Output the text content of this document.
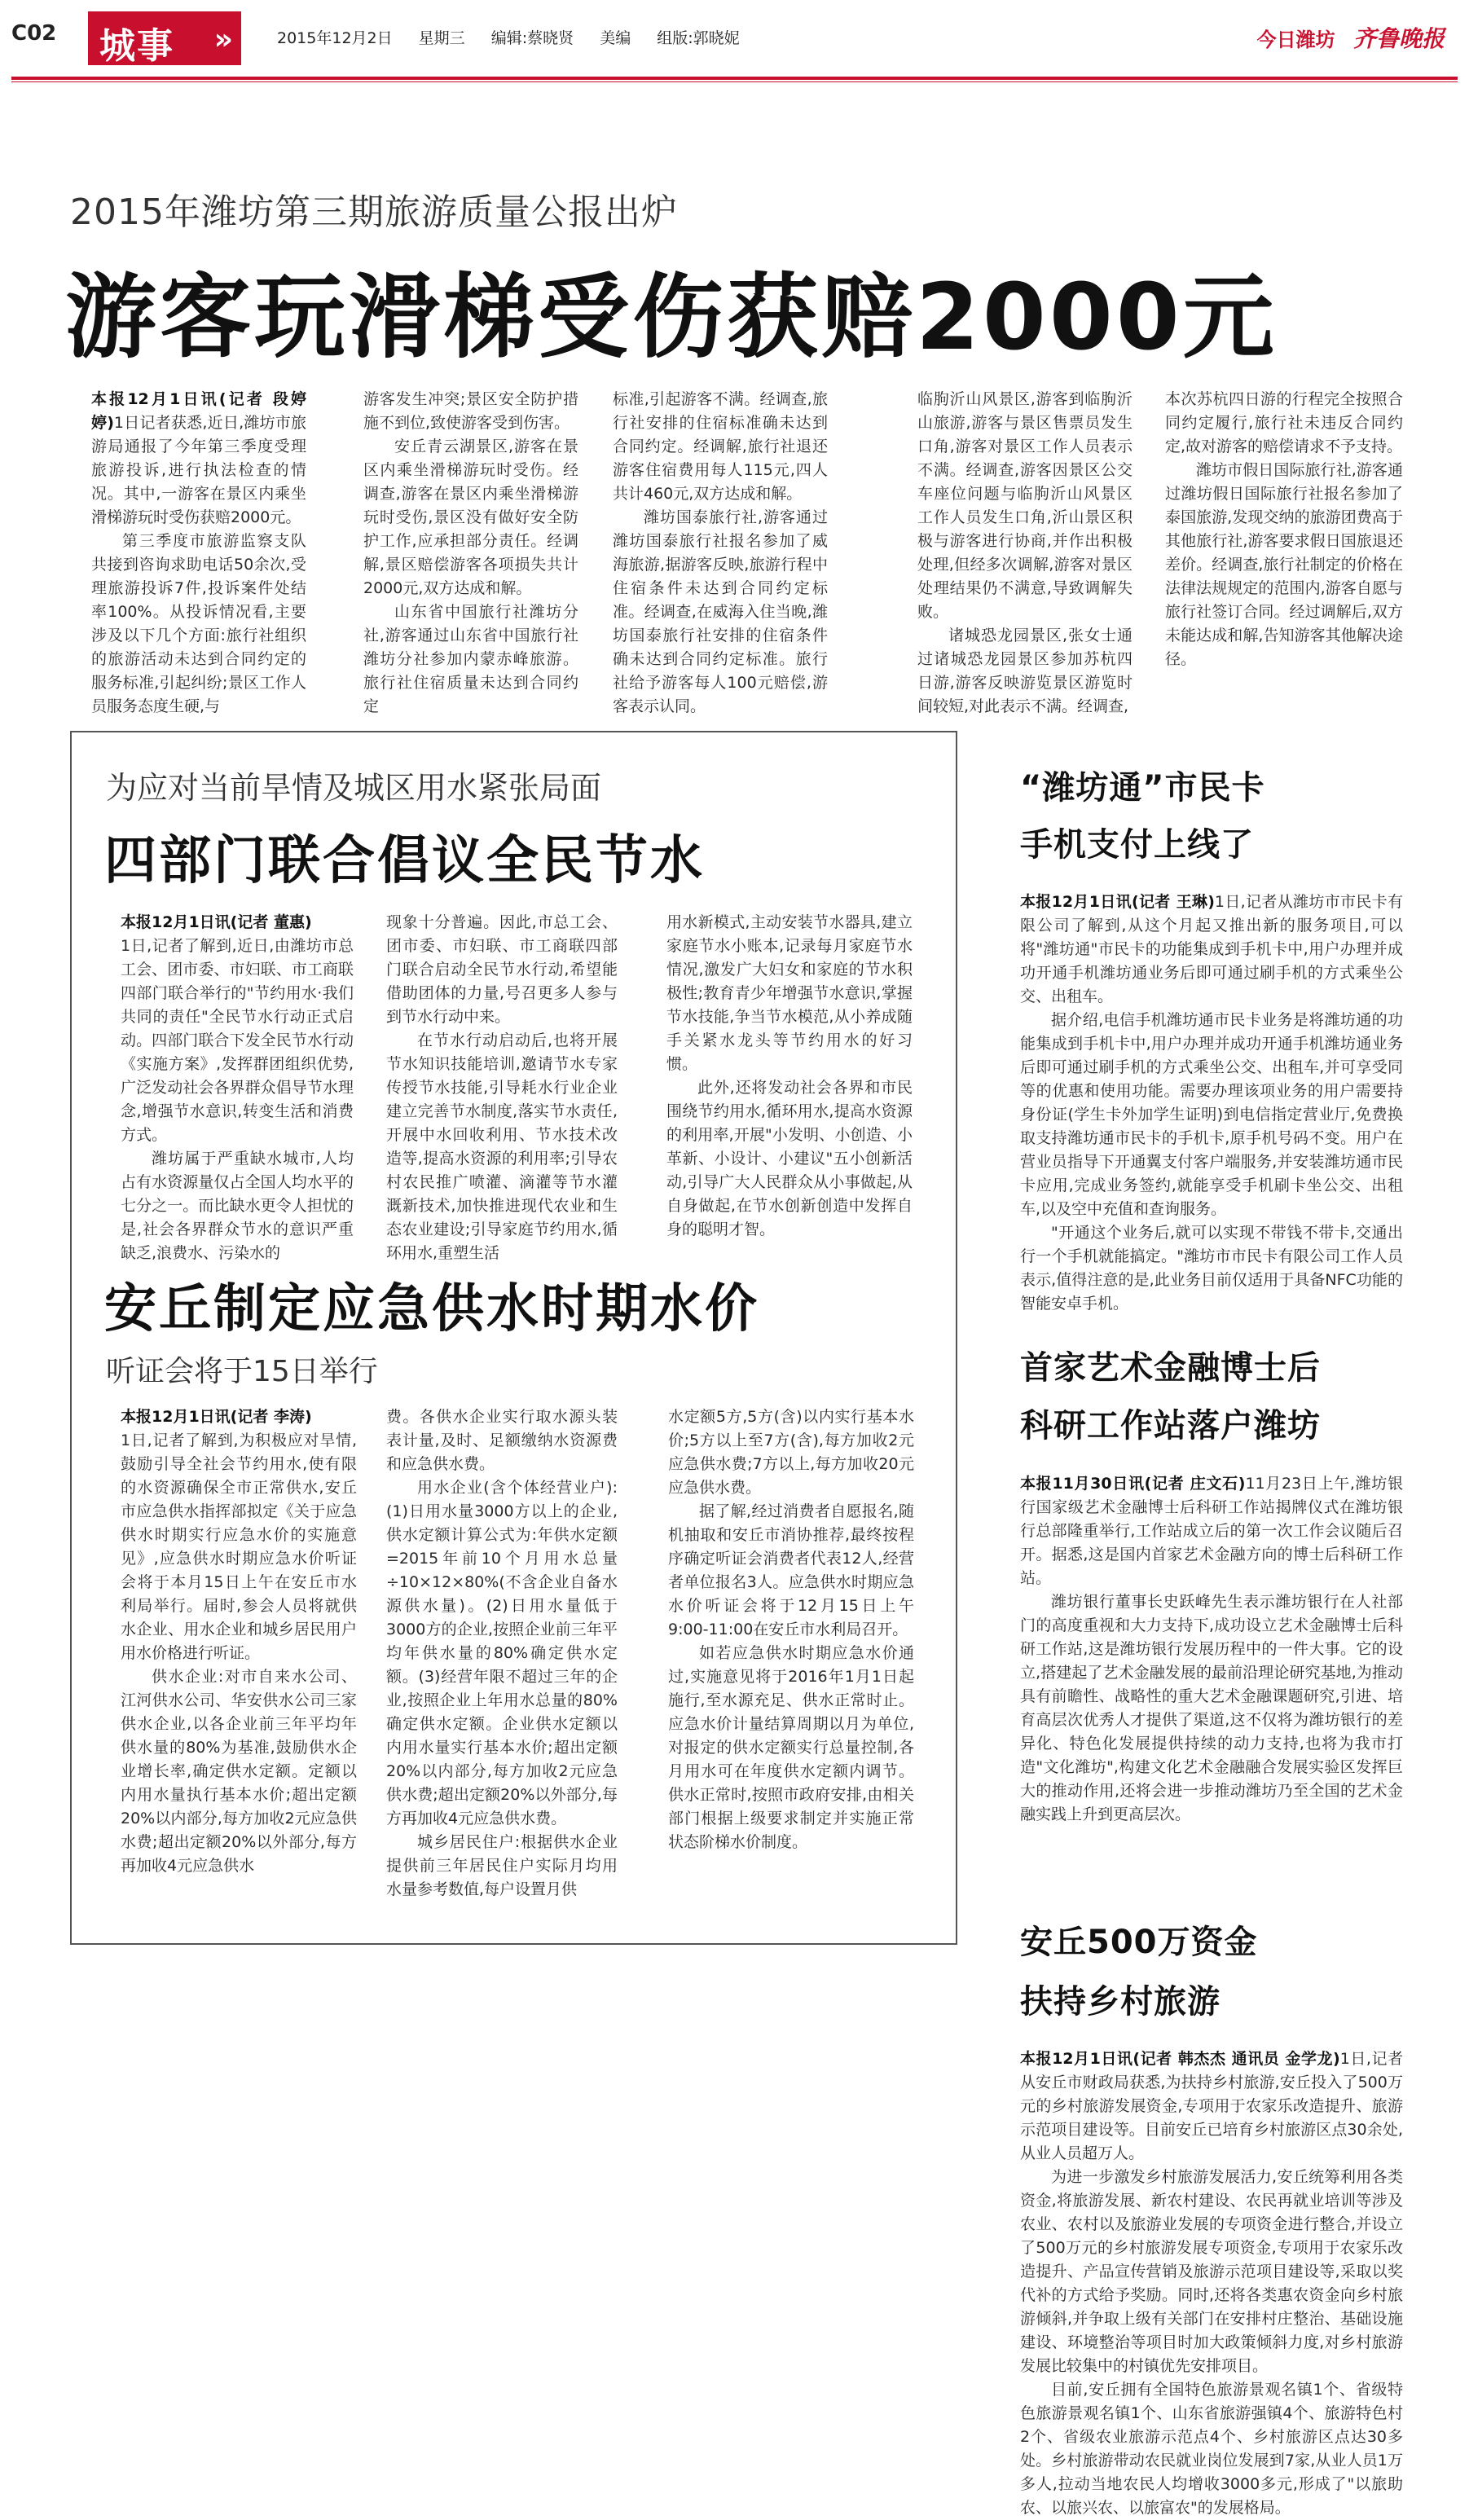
C02 城事 »	2015年12月2日 星期三 编辑:蔡晓贤 美编 组版:郭晓妮	今日潍坊 齐鲁晚报
2015年潍坊第三期旅游质量公报出炉
游客玩滑梯受伤获赔2000元

本报12月1日讯(记者 段婷婷)1日记者获悉,近日,潍坊市旅游局通报了今年第三季度受理旅游投诉,进行执法检查的情况。其中,一游客在景区内乘坐滑梯游玩时受伤获赔2000元。

第三季度市旅游监察支队共接到咨询求助电话50余次,受理旅游投诉7件,投诉案件处结率100%。从投诉情况看,主要涉及以下几个方面:旅行社组织的旅游活动未达到合同约定的服务标准,引起纠纷;景区工作人员服务态度生硬,与

游客发生冲突;景区安全防护措施不到位,致使游客受到伤害。

安丘青云湖景区,游客在景区内乘坐滑梯游玩时受伤。经调查,游客在景区内乘坐滑梯游玩时受伤,景区没有做好安全防护工作,应承担部分责任。经调解,景区赔偿游客各项损失共计2000元,双方达成和解。

山东省中国旅行社潍坊分社,游客通过山东省中国旅行社潍坊分社参加内蒙赤峰旅游。旅行社住宿质量未达到合同约定

标准,引起游客不满。经调查,旅行社安排的住宿标准确未达到合同约定。经调解,旅行社退还游客住宿费用每人115元,四人共计460元,双方达成和解。

潍坊国泰旅行社,游客通过潍坊国泰旅行社报名参加了威海旅游,据游客反映,旅游行程中住宿条件未达到合同约定标准。经调查,在威海入住当晚,潍坊国泰旅行社安排的住宿条件确未达到合同约定标准。旅行社给予游客每人100元赔偿,游客表示认同。

临朐沂山风景区,游客到临朐沂山旅游,游客与景区售票员发生口角,游客对景区工作人员表示不满。经调查,游客因景区公交车座位问题与临朐沂山风景区工作人员发生口角,沂山景区积极与游客进行协商,并作出积极处理,但经多次调解,游客对景区处理结果仍不满意,导致调解失败。

诸城恐龙园景区,张女士通过诸城恐龙园景区参加苏杭四日游,游客反映游览景区游览时间较短,对此表示不满。经调查,

本次苏杭四日游的行程完全按照合同约定履行,旅行社未违反合同约定,故对游客的赔偿请求不予支持。

潍坊市假日国际旅行社,游客通过潍坊假日国际旅行社报名参加了泰国旅游,发现交纳的旅游团费高于其他旅行社,游客要求假日国旅退还差价。经调查,旅行社制定的价格在法律法规规定的范围内,游客自愿与旅行社签订合同。经过调解后,双方未能达成和解,告知游客其他解决途径。

为应对当前旱情及城区用水紧张局面
四部门联合倡议全民节水

本报12月1日讯(记者 董惠)

1日,记者了解到,近日,由潍坊市总工会、团市委、市妇联、市工商联四部门联合举行的"节约用水·我们共同的责任"全民节水行动正式启动。四部门联合下发全民节水行动《实施方案》,发挥群团组织优势,广泛发动社会各界群众倡导节水理念,增强节水意识,转变生活和消费方式。

潍坊属于严重缺水城市,人均占有水资源量仅占全国人均水平的七分之一。而比缺水更令人担忧的是,社会各界群众节水的意识严重缺乏,浪费水、污染水的

现象十分普遍。因此,市总工会、团市委、市妇联、市工商联四部门联合启动全民节水行动,希望能借助团体的力量,号召更多人参与到节水行动中来。

在节水行动启动后,也将开展节水知识技能培训,邀请节水专家传授节水技能,引导耗水行业企业建立完善节水制度,落实节水责任,开展中水回收利用、节水技术改造等,提高水资源的利用率;引导农村农民推广喷灌、滴灌等节水灌溉新技术,加快推进现代农业和生态农业建设;引导家庭节约用水,循环用水,重塑生活

用水新模式,主动安装节水器具,建立家庭节水小账本,记录每月家庭节水情况,激发广大妇女和家庭的节水积极性;教育青少年增强节水意识,掌握节水技能,争当节水模范,从小养成随手关紧水龙头等节约用水的好习惯。

此外,还将发动社会各界和市民围绕节约用水,循环用水,提高水资源的利用率,开展"小发明、小创造、小革新、小设计、小建议"五小创新活动,引导广大人民群众从小事做起,从自身做起,在节水创新创造中发挥自身的聪明才智。

安丘制定应急供水时期水价
听证会将于15日举行

本报12月1日讯(记者 李涛)

1日,记者了解到,为积极应对旱情,鼓励引导全社会节约用水,使有限的水资源确保全市正常供水,安丘市应急供水指挥部拟定《关于应急供水时期实行应急水价的实施意见》,应急供水时期应急水价听证会将于本月15日上午在安丘市水利局举行。届时,参会人员将就供水企业、用水企业和城乡居民用户用水价格进行听证。

供水企业:对市自来水公司、江河供水公司、华安供水公司三家供水企业,以各企业前三年平均年供水量的80%为基准,鼓励供水企业增长率,确定供水定额。定额以内用水量执行基本水价;超出定额20%以内部分,每方加收2元应急供水费;超出定额20%以外部分,每方再加收4元应急供水

费。各供水企业实行取水源头装表计量,及时、足额缴纳水资源费和应急供水费。

用水企业(含个体经营业户):(1)日用水量3000方以上的企业,供水定额计算公式为:年供水定额=2015年前10个月用水总量÷10×12×80%(不含企业自备水源供水量)。(2)日用水量低于3000方的企业,按照企业前三年平均年供水量的80%确定供水定额。(3)经营年限不超过三年的企业,按照企业上年用水总量的80%确定供水定额。企业供水定额以内用水量实行基本水价;超出定额20%以内部分,每方加收2元应急供水费;超出定额20%以外部分,每方再加收4元应急供水费。

城乡居民住户:根据供水企业提供前三年居民住户实际月均用水量参考数值,每户设置月供

水定额5方,5方(含)以内实行基本水价;5方以上至7方(含),每方加收2元应急供水费;7方以上,每方加收20元应急供水费。

据了解,经过消费者自愿报名,随机抽取和安丘市消协推荐,最终按程序确定听证会消费者代表12人,经营者单位报名3人。应急供水时期应急水价听证会将于12月15日上午9:00-11:00在安丘市水利局召开。

如若应急供水时期应急水价通过,实施意见将于2016年1月1日起施行,至水源充足、供水正常时止。应急水价计量结算周期以月为单位,对报定的供水定额实行总量控制,各月用水可在年度供水定额内调节。供水正常时,按照市政府安排,由相关部门根据上级要求制定并实施正常状态阶梯水价制度。

“潍坊通”市民卡
手机支付上线了

本报12月1日讯(记者 王琳)1日,记者从潍坊市市民卡有限公司了解到,从这个月起又推出新的服务项目,可以将"潍坊通"市民卡的功能集成到手机卡中,用户办理并成功开通手机潍坊通业务后即可通过刷手机的方式乘坐公交、出租车。

据介绍,电信手机潍坊通市民卡业务是将潍坊通的功能集成到手机卡中,用户办理并成功开通手机潍坊通业务后即可通过刷手机的方式乘坐公交、出租车,并可享受同等的优惠和使用功能。需要办理该项业务的用户需要持身份证(学生卡外加学生证明)到电信指定营业厅,免费换取支持潍坊通市民卡的手机卡,原手机号码不变。用户在营业员指导下开通翼支付客户端服务,并安装潍坊通市民卡应用,完成业务签约,就能享受手机刷卡坐公交、出租车,以及空中充值和查询服务。

"开通这个业务后,就可以实现不带钱不带卡,交通出行一个手机就能搞定。"潍坊市市民卡有限公司工作人员表示,值得注意的是,此业务目前仅适用于具备NFC功能的智能安卓手机。

首家艺术金融博士后
科研工作站落户潍坊

本报11月30日讯(记者 庄文石)11月23日上午,潍坊银行国家级艺术金融博士后科研工作站揭牌仪式在潍坊银行总部隆重举行,工作站成立后的第一次工作会议随后召开。据悉,这是国内首家艺术金融方向的博士后科研工作站。

潍坊银行董事长史跃峰先生表示潍坊银行在人社部门的高度重视和大力支持下,成功设立艺术金融博士后科研工作站,这是潍坊银行发展历程中的一件大事。它的设立,搭建起了艺术金融发展的最前沿理论研究基地,为推动具有前瞻性、战略性的重大艺术金融课题研究,引进、培育高层次优秀人才提供了渠道,这不仅将为潍坊银行的差异化、特色化发展提供持续的动力支持,也将为我市打造"文化潍坊",构建文化艺术金融融合发展实验区发挥巨大的推动作用,还将会进一步推动潍坊乃至全国的艺术金融实践上升到更高层次。

安丘500万资金
扶持乡村旅游

本报12月1日讯(记者 韩杰杰 通讯员 金学龙)1日,记者从安丘市财政局获悉,为扶持乡村旅游,安丘投入了500万元的乡村旅游发展资金,专项用于农家乐改造提升、旅游示范项目建设等。目前安丘已培育乡村旅游区点30余处,从业人员超万人。

为进一步激发乡村旅游发展活力,安丘统筹利用各类资金,将旅游发展、新农村建设、农民再就业培训等涉及农业、农村以及旅游业发展的专项资金进行整合,并设立了500万元的乡村旅游发展专项资金,专项用于农家乐改造提升、产品宣传营销及旅游示范项目建设等,采取以奖代补的方式给予奖励。同时,还将各类惠农资金向乡村旅游倾斜,并争取上级有关部门在安排村庄整治、基础设施建设、环境整治等项目时加大政策倾斜力度,对乡村旅游发展比较集中的村镇优先安排项目。

目前,安丘拥有全国特色旅游景观名镇1个、省级特色旅游景观名镇1个、山东省旅游强镇4个、旅游特色村2个、省级农业旅游示范点4个、乡村旅游区点达30多处。乡村旅游带动农民就业岗位发展到7家,从业人员1万多人,拉动当地农民人均增收3000多元,形成了"以旅助农、以旅兴农、以旅富农"的发展格局。
